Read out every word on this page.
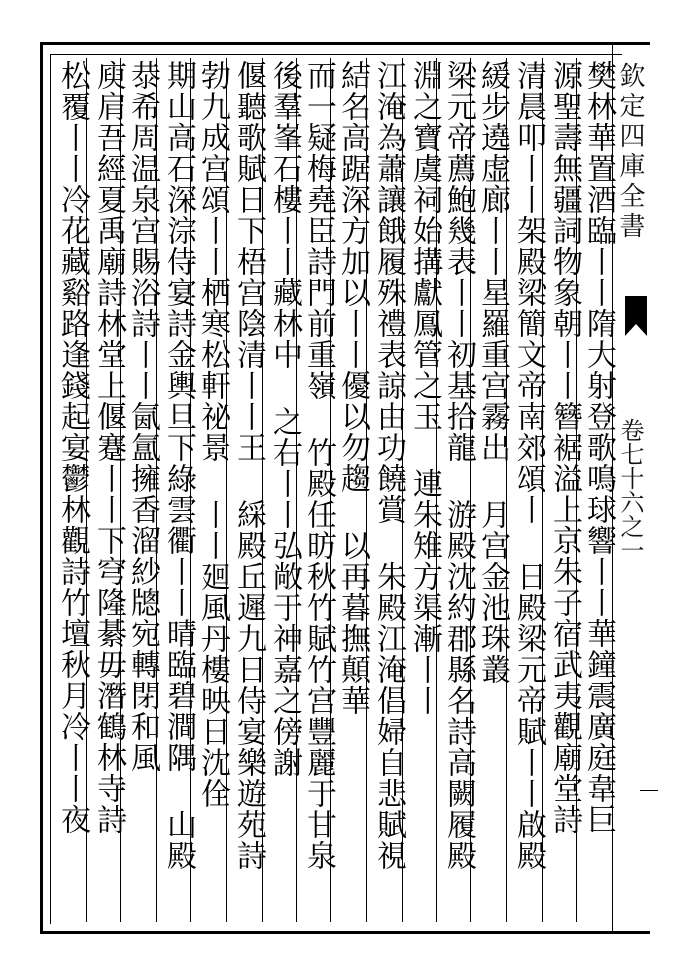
樊林華置酒臨丨丨隋大射登歌鳴球響丨丨華鐘震廣庭韋巨
源聖壽無疆詞物象朝丨丨簪裾溢上京朱子宿武夷觀廟堂詩
清晨叩丨丨架殿梁簡文帝南郊頌丨 日殿梁元帝賦丨丨啟殿
緩步遶虚廊丨丨星羅重宫霧出 月宫金池珠叢
梁元帝薦鮑幾表丨丨初基拾龍 游殿沈約郡縣名詩高闕履殿
淵之寶虞祠始搆獻鳳管之玉 連朱雉方渠漸丨丨
江淹為蕭讓餓履殊禮表諒由功饒賞 朱殿江淹倡婦自悲賦視
結名高踞深方加以丨丨優以勿趨 以再暮撫顛華
而一疑梅堯臣詩門前重嶺 竹殿任昉秋竹賦竹宫豐麗于甘泉
後羣峯石樓丨丨藏林中 之右丨丨弘敞于神嘉之傍謝
偃聽歌賦日下梧宫陰清丨丨王 綵殿丘遲九日侍宴樂遊苑詩
勃九成宫頌丨丨栖寒松軒祕景 丨丨廻風丹樓映日沈佺
期山高石深淙侍宴詩金輿旦下綠雲衢丨丨晴臨碧澗隅 山殿
㳟希周温泉宫賜浴詩丨丨氤氲擁香溜紗牕宛轉閉和風
庾肩吾經夏禹廟詩林堂上偃蹇丨丨下穹隆綦毋潛鶴林寺詩
松覆丨丨冷花藏谿路逢錢起宴鬱林觀詩竹壇秋月冷丨丨夜	欽定四庫全書
卷七十六之一
